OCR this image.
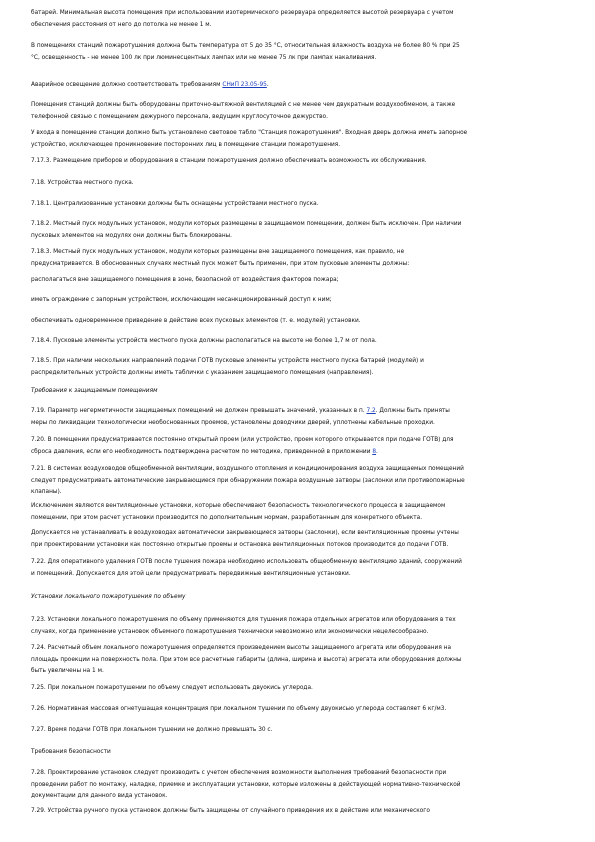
батарей. Минимальная высота помещения при использовании изотермического резервуара определяется высотой резервуара с учетом
обеспечения расстояния от него до потолка не менее 1 м.
В помещениях станций пожаротушения должна быть температура от 5 до 35 °С, относительная влажность воздуха не более 80 % при 25
°С, освещенность - не менее 100 лк при люминесцентных лампах или не менее 75 лк при лампах накаливания.
Аварийное освещение должно соответствовать требованиям СНиП 23.05-95.
Помещения станций должны быть оборудованы приточно-вытяжной вентиляцией с не менее чем двукратным воздухообменом, а также
телефонной связью с помещением дежурного персонала, ведущим круглосуточное дежурство.
У входа в помещение станции должно быть установлено световое табло "Станция пожаротушения". Входная дверь должна иметь запорное
устройство, исключающее проникновение посторонних лиц в помещение станции пожаротушения.
7.17.3. Размещение приборов и оборудования в станции пожаротушения должно обеспечивать возможность их обслуживания.
7.18. Устройства местного пуска.
7.18.1. Централизованные установки должны быть оснащены устройствами местного пуска.
7.18.2. Местный пуск модульных установок, модули которых размещены в защищаемом помещении, должен быть исключен. При наличии
пусковых элементов на модулях они должны быть блокированы.
7.18.3. Местный пуск модульных установок, модули которых размещены вне защищаемого помещения, как правило, не
предусматривается. В обоснованных случаях местный пуск может быть применен, при этом пусковые элементы должны:
располагаться вне защищаемого помещения в зоне, безопасной от воздействия факторов пожара;
иметь ограждение с запорным устройством, исключающим несанкционированный доступ к ним;
обеспечивать одновременное приведение в действие всех пусковых элементов (т. е. модулей) установки.
7.18.4. Пусковые элементы устройств местного пуска должны располагаться на высоте не более 1,7 м от пола.
7.18.5. При наличии нескольких направлений подачи ГОТВ пусковые элементы устройств местного пуска батарей (модулей) и
распределительных устройств должны иметь таблички с указанием защищаемого помещения (направления).
Требования к защищаемым помещениям
7.19. Параметр негерметичности защищаемых помещений не должен превышать значений, указанных в п. 7.2. Должны быть приняты
меры по ликвидации технологически необоснованных проемов, установлены доводчики дверей, уплотнены кабельные проходки.
7.20. В помещении предусматривается постоянно открытый проем (или устройство, проем которого открывается при подаче ГОТВ) для
сброса давления, если его необходимость подтверждена расчетом по методике, приведенной в приложении 8.
7.21. В системах воздуховодов общеобменной вентиляции, воздушного отопления и кондиционирования воздуха защищаемых помещений
следует предусматривать автоматические закрывающиеся при обнаружении пожара воздушные затворы (заслонки или противопожарные
клапаны).
Исключением являются вентиляционные установки, которые обеспечивают безопасность технологического процесса в защищаемом
помещении, при этом расчет установки производится по дополнительным нормам, разработанным для конкретного объекта.
Допускается не устанавливать в воздуховодах автоматически закрывающиеся затворы (заслонки), если вентиляционные проемы учтены
при проектировании установки как постоянно открытые проемы и остановка вентиляционных потоков производится до подачи ГОТВ.
7.22. Для оперативного удаления ГОТВ после тушения пожара необходимо использовать общеобменную вентиляцию зданий, сооружений
и помещений. Допускается для этой цели предусматривать передвижные вентиляционные установки.
Установки локального пожаротушения по объему
7.23. Установки локального пожаротушения по объему применяются для тушения пожара отдельных агрегатов или оборудования в тех
случаях, когда применение установок объемного пожаротушения технически невозможно или экономически нецелесообразно.
7.24. Расчетный объем локального пожаротушения определяется произведением высоты защищаемого агрегата или оборудования на
площадь проекции на поверхность пола. При этом все расчетные габариты (длина, ширина и высота) агрегата или оборудования должны
быть увеличены на 1 м.
7.25. При локальном пожаротушении по объему следует использовать двуокись углерода.
7.26. Нормативная массовая огнетушащая концентрация при локальном тушении по объему двуокисью углерода составляет 6 кг/м3.
7.27. Время подачи ГОТВ при локальном тушении не должно превышать 30 с.
Требования безопасности
7.28. Проектирование установок следует производить с учетом обеспечения возможности выполнения требований безопасности при
проведении работ по монтажу, наладке, приемке и эксплуатации установки, которые изложены в действующей нормативно-технической
документации для данного вида установок.
7.29. Устройства ручного пуска установок должны быть защищены от случайного приведения их в действие или механического
